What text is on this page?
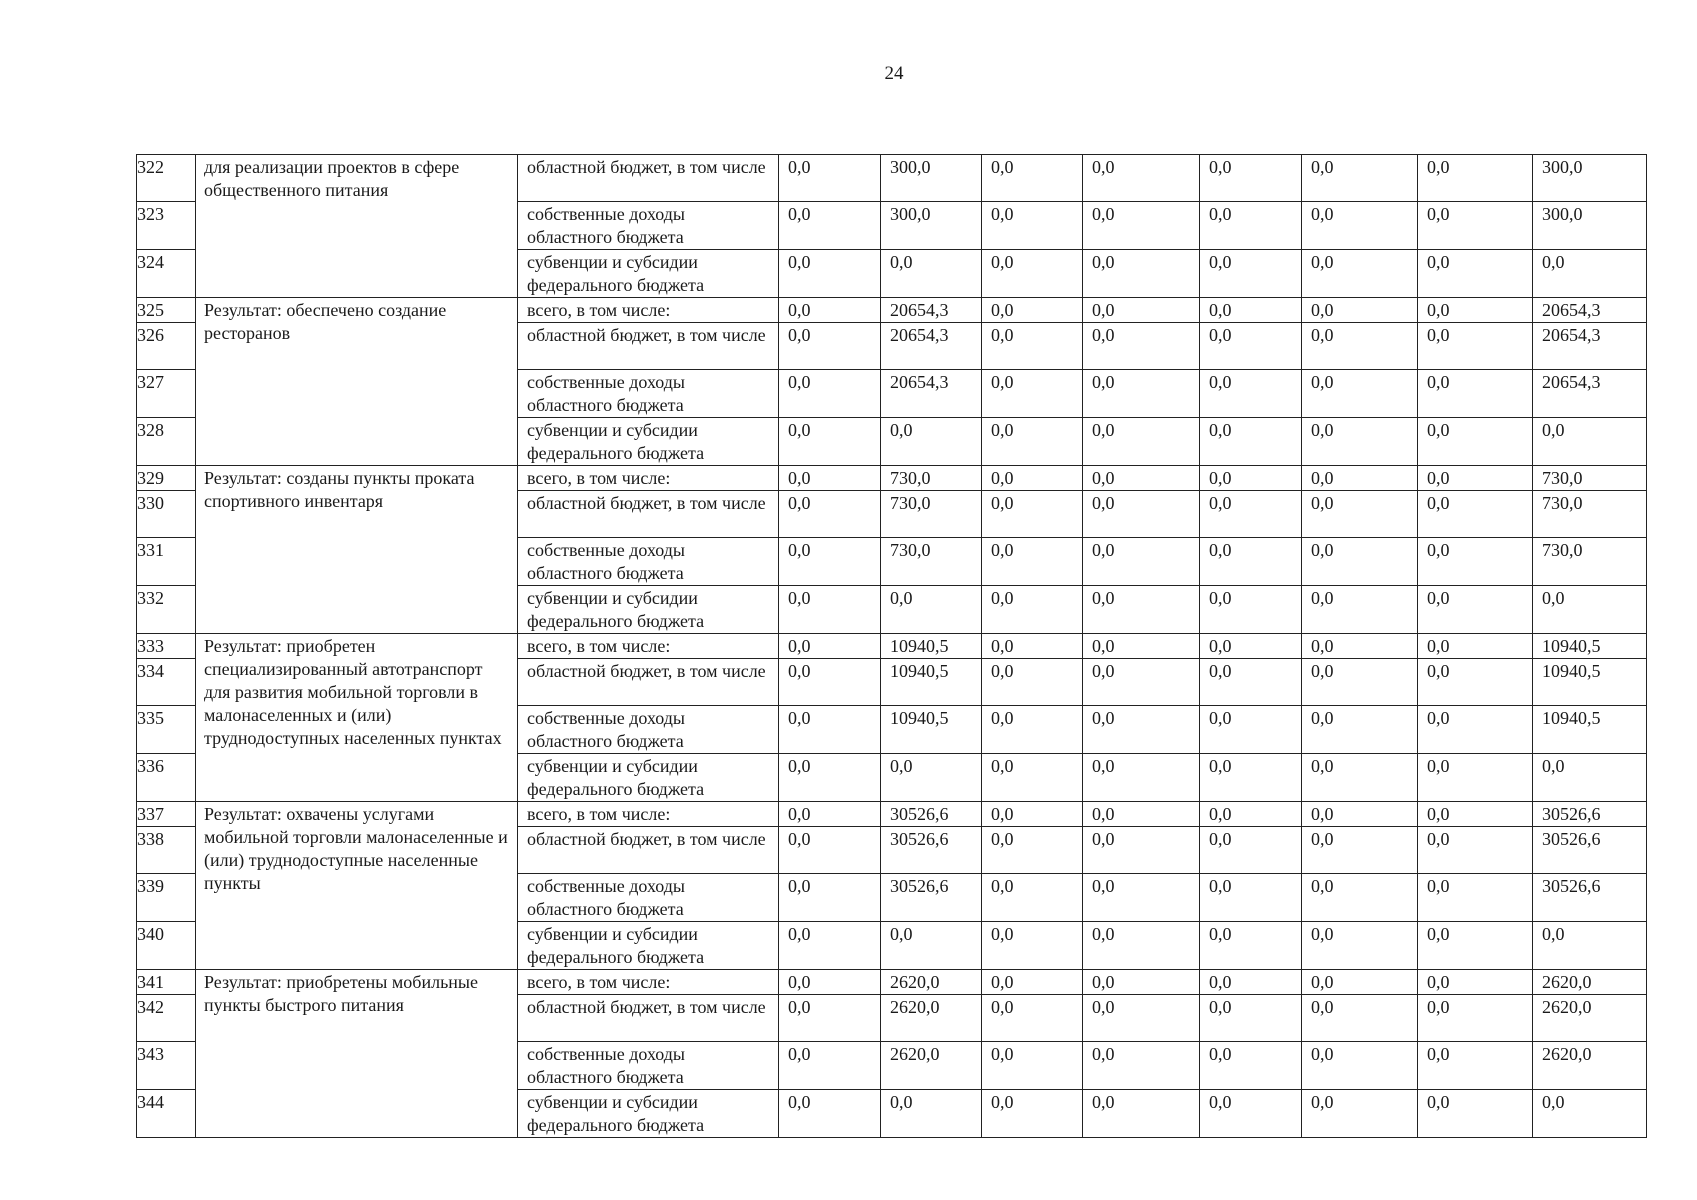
24
322	для реализации проектов в сфере общественного питания	областной бюджет, в том числе	0,0	300,0	0,0	0,0	0,0	0,0	0,0	300,0
323		собственные доходы областного бюджета	0,0	300,0	0,0	0,0	0,0	0,0	0,0	300,0
324		субвенции и субсидии федерального бюджета	0,0	0,0	0,0	0,0	0,0	0,0	0,0	0,0
325	Результат: обеспечено создание ресторанов	всего, в том числе:	0,0	20654,3	0,0	0,0	0,0	0,0	0,0	20654,3
326		областной бюджет, в том числе	0,0	20654,3	0,0	0,0	0,0	0,0	0,0	20654,3
327		собственные доходы областного бюджета	0,0	20654,3	0,0	0,0	0,0	0,0	0,0	20654,3
328		субвенции и субсидии федерального бюджета	0,0	0,0	0,0	0,0	0,0	0,0	0,0	0,0
329	Результат: созданы пункты проката спортивного инвентаря	всего, в том числе:	0,0	730,0	0,0	0,0	0,0	0,0	0,0	730,0
330		областной бюджет, в том числе	0,0	730,0	0,0	0,0	0,0	0,0	0,0	730,0
331		собственные доходы областного бюджета	0,0	730,0	0,0	0,0	0,0	0,0	0,0	730,0
332		субвенции и субсидии федерального бюджета	0,0	0,0	0,0	0,0	0,0	0,0	0,0	0,0
333	Результат: приобретен специализированный автотранспорт для развития мобильной торговли в малонаселенных и (или) труднодоступных населенных пунктах	всего, в том числе:	0,0	10940,5	0,0	0,0	0,0	0,0	0,0	10940,5
334		областной бюджет, в том числе	0,0	10940,5	0,0	0,0	0,0	0,0	0,0	10940,5
335		собственные доходы областного бюджета	0,0	10940,5	0,0	0,0	0,0	0,0	0,0	10940,5
336		субвенции и субсидии федерального бюджета	0,0	0,0	0,0	0,0	0,0	0,0	0,0	0,0
337	Результат: охвачены услугами мобильной торговли малонаселенные и (или) труднодоступные населенные пункты	всего, в том числе:	0,0	30526,6	0,0	0,0	0,0	0,0	0,0	30526,6
338		областной бюджет, в том числе	0,0	30526,6	0,0	0,0	0,0	0,0	0,0	30526,6
339		собственные доходы областного бюджета	0,0	30526,6	0,0	0,0	0,0	0,0	0,0	30526,6
340		субвенции и субсидии федерального бюджета	0,0	0,0	0,0	0,0	0,0	0,0	0,0	0,0
341	Результат: приобретены мобильные пункты быстрого питания	всего, в том числе:	0,0	2620,0	0,0	0,0	0,0	0,0	0,0	2620,0
342		областной бюджет, в том числе	0,0	2620,0	0,0	0,0	0,0	0,0	0,0	2620,0
343		собственные доходы областного бюджета	0,0	2620,0	0,0	0,0	0,0	0,0	0,0	2620,0
344		субвенции и субсидии федерального бюджета	0,0	0,0	0,0	0,0	0,0	0,0	0,0	0,0
